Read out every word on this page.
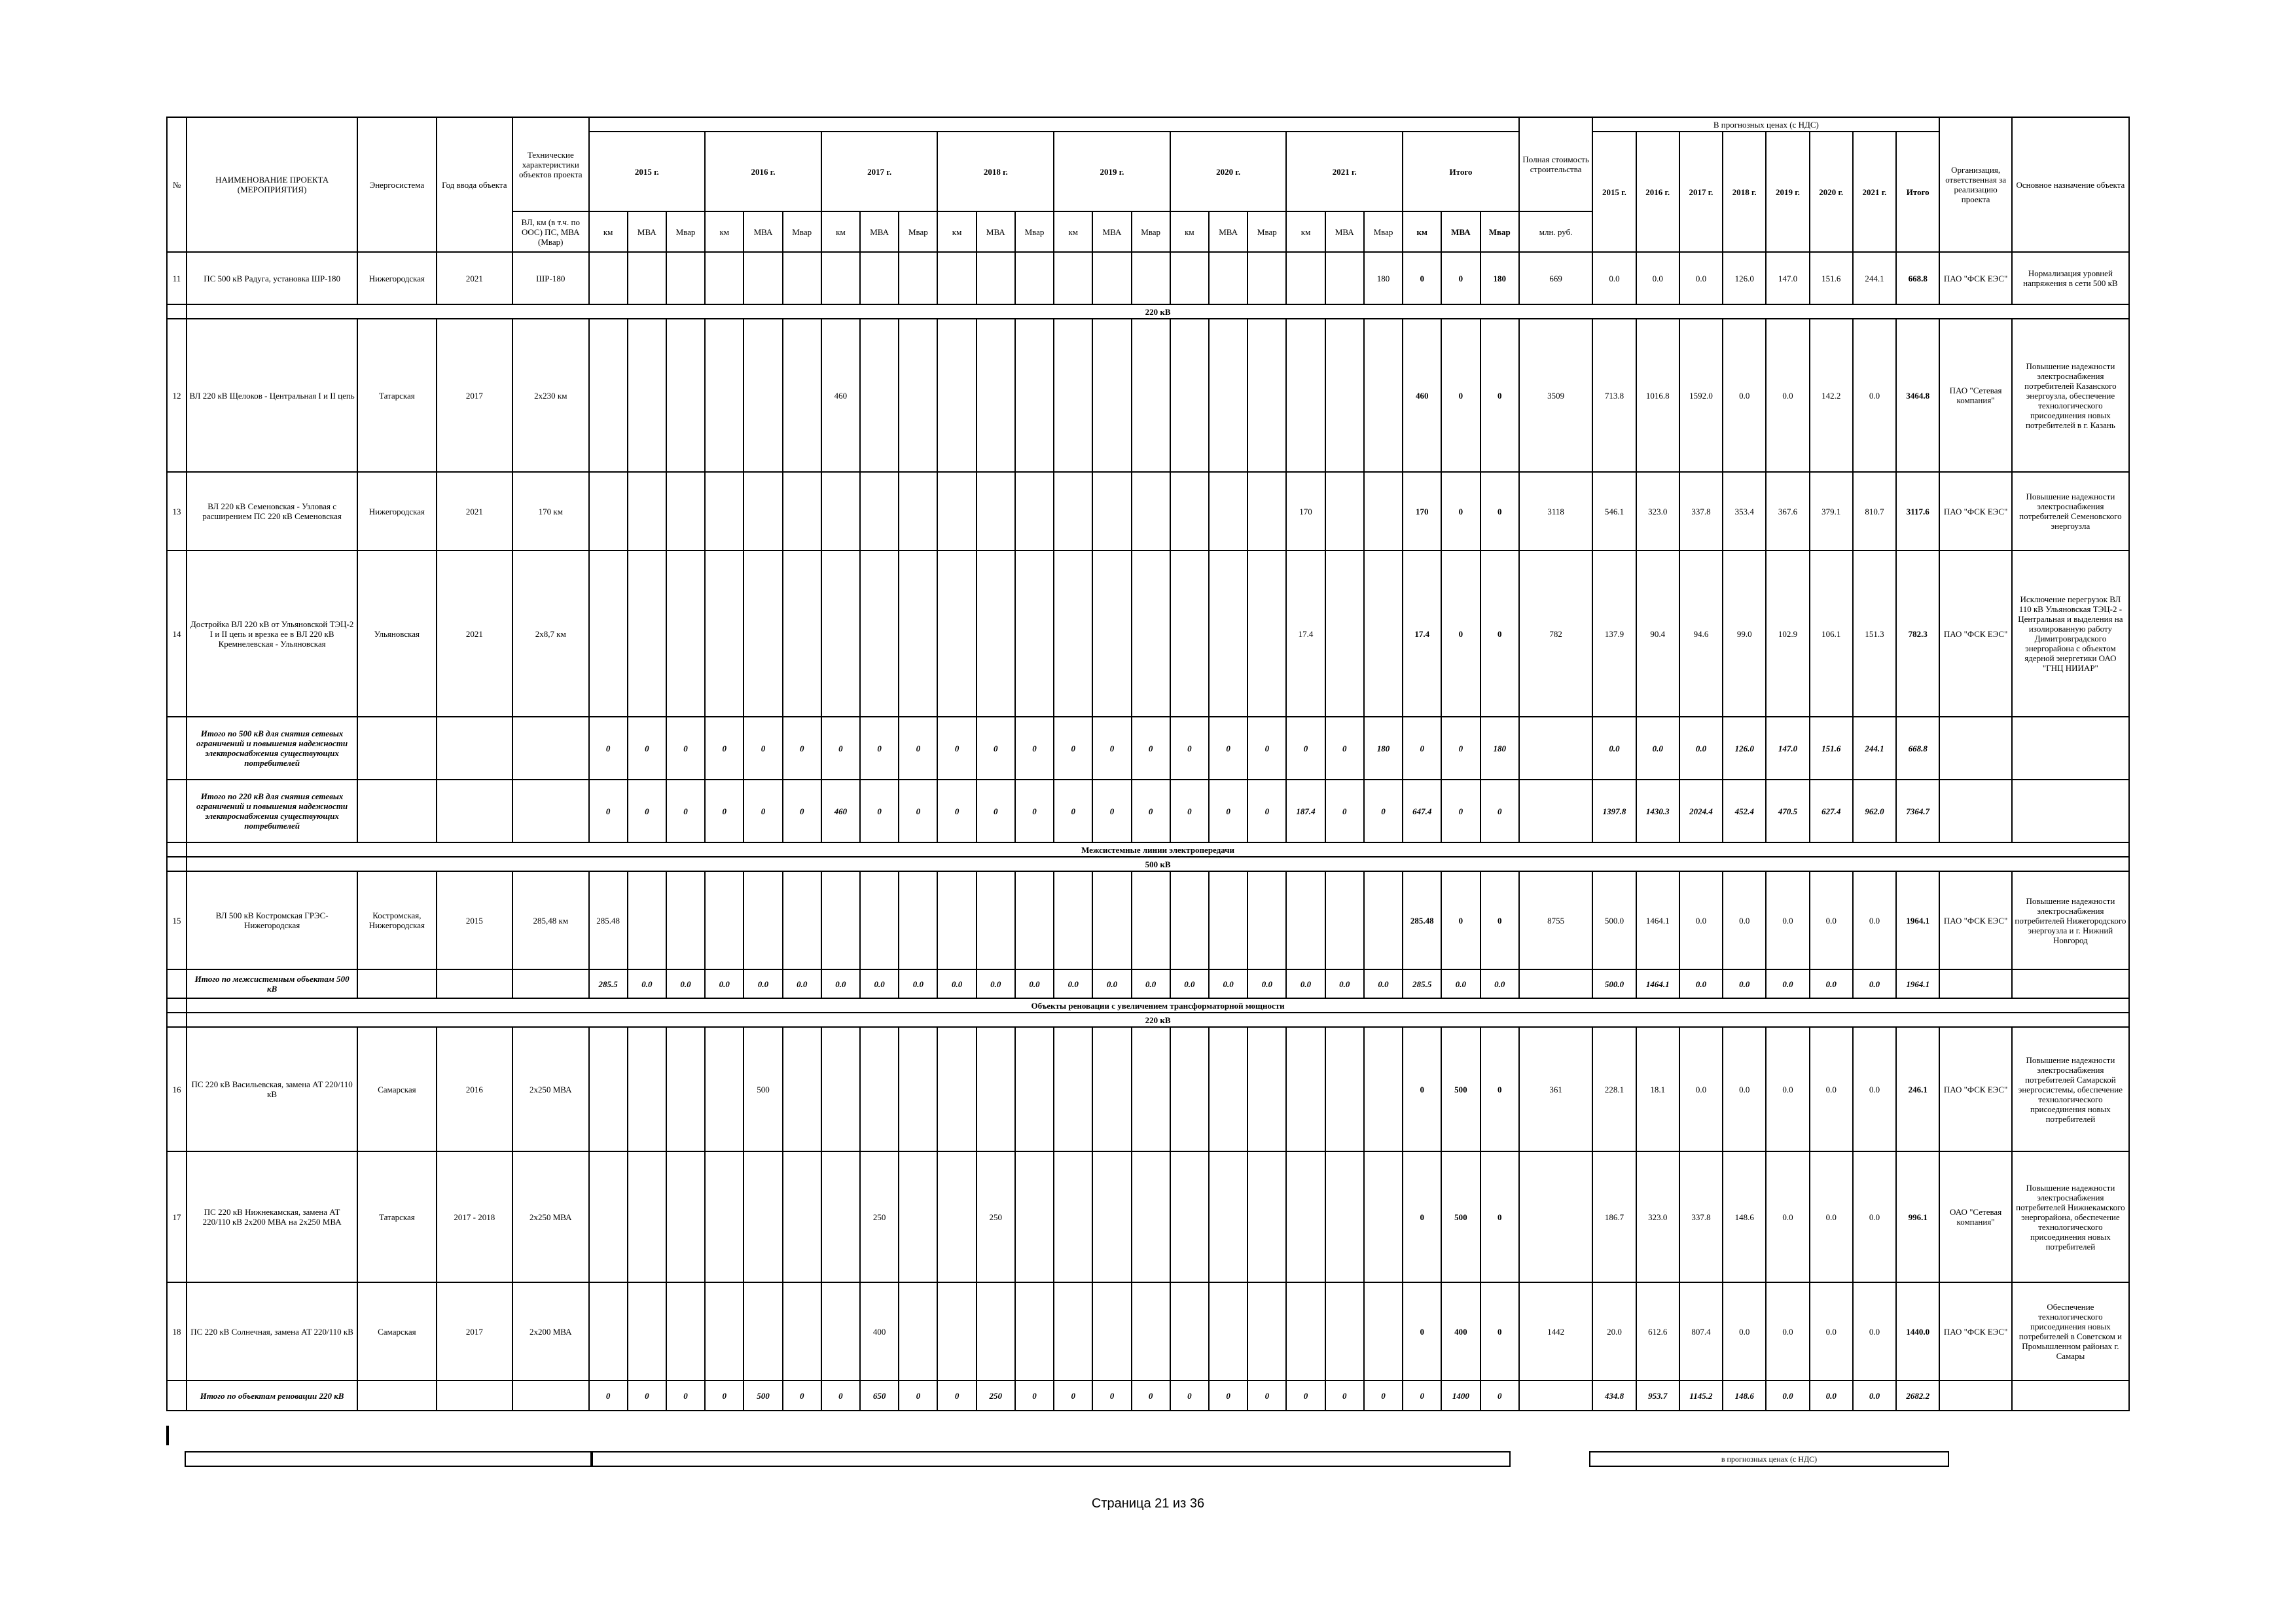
№	НАИМЕНОВАНИЕ ПРОЕКТА (МЕРОПРИЯТИЯ)	Энергосистема	Год ввода объекта	Технические характеристики объектов проекта																									Полная стоимость строительства	В прогнозных ценах (с НДС)								Организация, ответственная за реализацию проекта	Основное назначение объекта
					2015 г.			2016 г.			2017 г.			2018 г.			2019 г.			2020 г.			2021 г.			Итого				2015 г.	2016 г.	2017 г.	2018 г.	2019 г.	2020 г.	2021 г.	Итого		

				ВЛ, км (в т.ч. по ООС) ПС, МВА (Мвар)	км	МВА	Мвар	км	МВА	Мвар	км	МВА	Мвар	км	МВА	Мвар	км	МВА	Мвар	км	МВА	Мвар	км	МВА	Мвар	км	МВА	Мвар	млн. руб.										
11	ПС 500 кВ Радуга, установка ШР-180	Нижегородская	2021	ШР-180																					180	0	0	180	669	0.0	0.0	0.0	126.0	147.0	151.6	244.1	668.8	ПАО "ФСК ЕЭС"	Нормализация уровней напряжения в сети 500 кВ
	220 кВ																																						
12	ВЛ 220 кВ Щелоков - Центральная I и II цепь	Татарская	2017	2х230 км							460															460	0	0	3509	713.8	1016.8	1592.0	0.0	0.0	142.2	0.0	3464.8	ПАО "Сетевая компания"	Повышение надежности электроснабжения потребителей Казанского энергоузла, обеспечение технологического присоединения новых потребителей в г. Казань
13	ВЛ 220 кВ Семеновская - Узловая с расширением ПС 220 кВ Семеновская	Нижегородская	2021	170 км																			170			170	0	0	3118	546.1	323.0	337.8	353.4	367.6	379.1	810.7	3117.6	ПАО "ФСК ЕЭС"	Повышение надежности электроснабжения потребителей Семеновского энергоузла
14	Достройка ВЛ 220 кВ от Ульяновской ТЭЦ-2 I и II цепь и врезка ее в ВЛ 220 кВ Кремнелевская - Ульяновская	Ульяновская	2021	2х8,7 км																			17.4			17.4	0	0	782	137.9	90.4	94.6	99.0	102.9	106.1	151.3	782.3	ПАО "ФСК ЕЭС"	Исключение перегрузок ВЛ 110 кВ Ульяновская ТЭЦ-2 - Центральная и выделения на изолированную работу Димитровградского энергорайона с объектом ядерной энергетики ОАО "ГНЦ НИИАР"
	Итого по 500 кВ для снятия сетевых ограничений и повышения надежности электроснабжения существующих потребителей				0	0	0	0	0	0	0	0	0	0	0	0	0	0	0	0	0	0	0	0	180	0	0	180		0.0	0.0	0.0	126.0	147.0	151.6	244.1	668.8		
	Итого по 220 кВ для снятия сетевых ограничений и повышения надежности электроснабжения существующих потребителей				0	0	0	0	0	0	460	0	0	0	0	0	0	0	0	0	0	0	187.4	0	0	647.4	0	0		1397.8	1430.3	2024.4	452.4	470.5	627.4	962.0	7364.7		
	Межсистемные линии электропередачи																																						
	500 кВ																																						
15	ВЛ 500 кВ Костромская ГРЭС-Нижегородская	Костромская, Нижегородская	2015	285,48 км	285.48																					285.48	0	0	8755	500.0	1464.1	0.0	0.0	0.0	0.0	0.0	1964.1	ПАО "ФСК ЕЭС"	Повышение надежности электроснабжения потребителей Нижегородского энергоузла и г. Нижний Новгород
	Итого по межсистемным объектам 500 кВ				285.5	0.0	0.0	0.0	0.0	0.0	0.0	0.0	0.0	0.0	0.0	0.0	0.0	0.0	0.0	0.0	0.0	0.0	0.0	0.0	0.0	285.5	0.0	0.0		500.0	1464.1	0.0	0.0	0.0	0.0	0.0	1964.1		
	Объекты реновации с увеличением трансформаторной мощности																																						
	220 кВ																																						
16	ПС 220 кВ Васильевская, замена АТ 220/110 кВ	Самарская	2016	2х250 МВА					500																	0	500	0	361	228.1	18.1	0.0	0.0	0.0	0.0	0.0	246.1	ПАО "ФСК ЕЭС"	Повышение надежности электроснабжения потребителей Самарской энергосистемы, обеспечение технологического присоединения новых потребителей
17	ПС 220 кВ Нижнекамская, замена АТ 220/110 кВ 2х200 МВА на 2х250 МВА	Татарская	2017 - 2018	2х250 МВА								250			250											0	500	0		186.7	323.0	337.8	148.6	0.0	0.0	0.0	996.1	ОАО "Сетевая компания"	Повышение надежности электроснабжения потребителей Нижнекамского энергорайона, обеспечение технологического присоединения новых потребителей
18	ПС 220 кВ Солнечная, замена АТ 220/110 кВ	Самарская	2017	2х200 МВА								400														0	400	0	1442	20.0	612.6	807.4	0.0	0.0	0.0	0.0	1440.0	ПАО "ФСК ЕЭС"	Обеспечение технологического присоединения новых потребителей в Советском и Промышленном районах г. Самары
	Итого по объектам реновации 220 кВ				0	0	0	0	500	0	0	650	0	0	250	0	0	0	0	0	0	0	0	0	0	0	1400	0		434.8	953.7	1145.2	148.6	0.0	0.0	0.0	2682.2		
в прогнозных ценах (с НДС)
Страница 21 из 36
